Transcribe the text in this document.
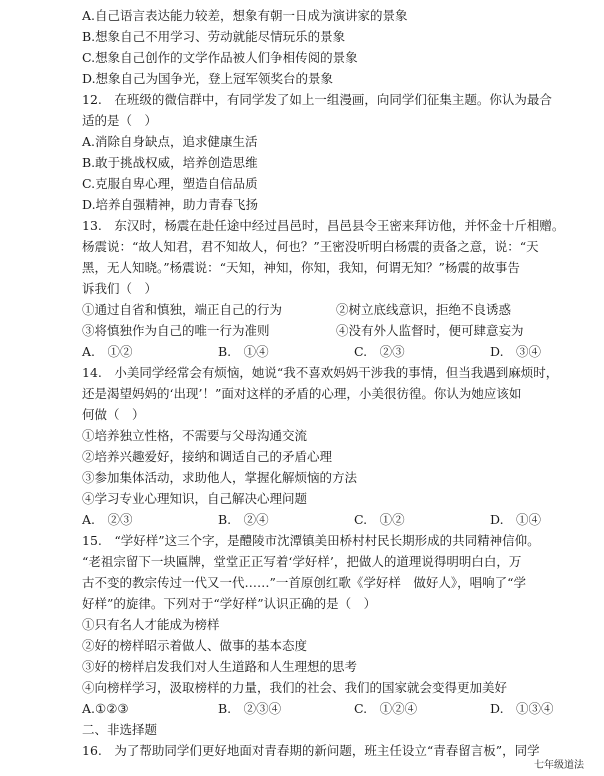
A.自己语言表达能力较差，想象有朝一日成为演讲家的景象
B.想象自己不用学习、劳动就能尽情玩乐的景象
C.想象自己创作的文学作品被人们争相传阅的景象
D.想象自己为国争光，登上冠军领奖台的景象
12.　在班级的微信群中，有同学发了如上一组漫画，向同学们征集主题。你认为最合
适的是（　）
A.消除自身缺点，追求健康生活
B.敢于挑战权威，培养创造思维
C.克服自卑心理，塑造自信品质
D.培养自强精神，助力青春飞扬
13.　东汉时，杨震在赴任途中经过昌邑时，昌邑县令王密来拜访他，并怀金十斤相赠。
杨震说：“故人知君，君不知故人，何也？”王密没听明白杨震的责备之意，说：“天
黑，无人知晓。”杨震说：“天知，神知，你知，我知，何谓无知？”杨震的故事告
诉我们（　）
①通过自省和慎独，端正自己的行为	②树立底线意识，拒绝不良诱惑
③将慎独作为自己的唯一行为准则	④没有外人监督时，便可肆意妄为
A.　①②	B.　①④	C.　②③	D.　③④
14.　小美同学经常会有烦恼，她说“我不喜欢妈妈干涉我的事情，但当我遇到麻烦时，
还是渴望妈妈的‘出现’！”面对这样的矛盾的心理，小美很彷徨。你认为她应该如
何做（　）
①培养独立性格，不需要与父母沟通交流
②培养兴趣爱好，接纳和调适自己的矛盾心理
③参加集体活动，求助他人，掌握化解烦恼的方法
④学习专业心理知识，自己解决心理问题
A.　②③	B.　②④	C.　①②	D.　①④
15.　“学好样”这三个字，是醴陵市沈潭镇美田桥村村民长期形成的共同精神信仰。
“老祖宗留下一块匾牌，堂堂正正写着‘学好样’，把做人的道理说得明明白白，万
古不变的教宗传过一代又一代……”一首原创红歌《学好样　做好人》，唱响了“学
好样”的旋律。下列对于“学好样”认识正确的是（　）
①只有名人才能成为榜样
②好的榜样昭示着做人、做事的基本态度
③好的榜样启发我们对人生道路和人生理想的思考
④向榜样学习，汲取榜样的力量，我们的社会、我们的国家就会变得更加美好
A.①②③	B.　②③④	C.　①②④	D.　①③④
二、非选择题
16.　为了帮助同学们更好地面对青春期的新问题，班主任设立“青春留言板”，同学
七年级道法
